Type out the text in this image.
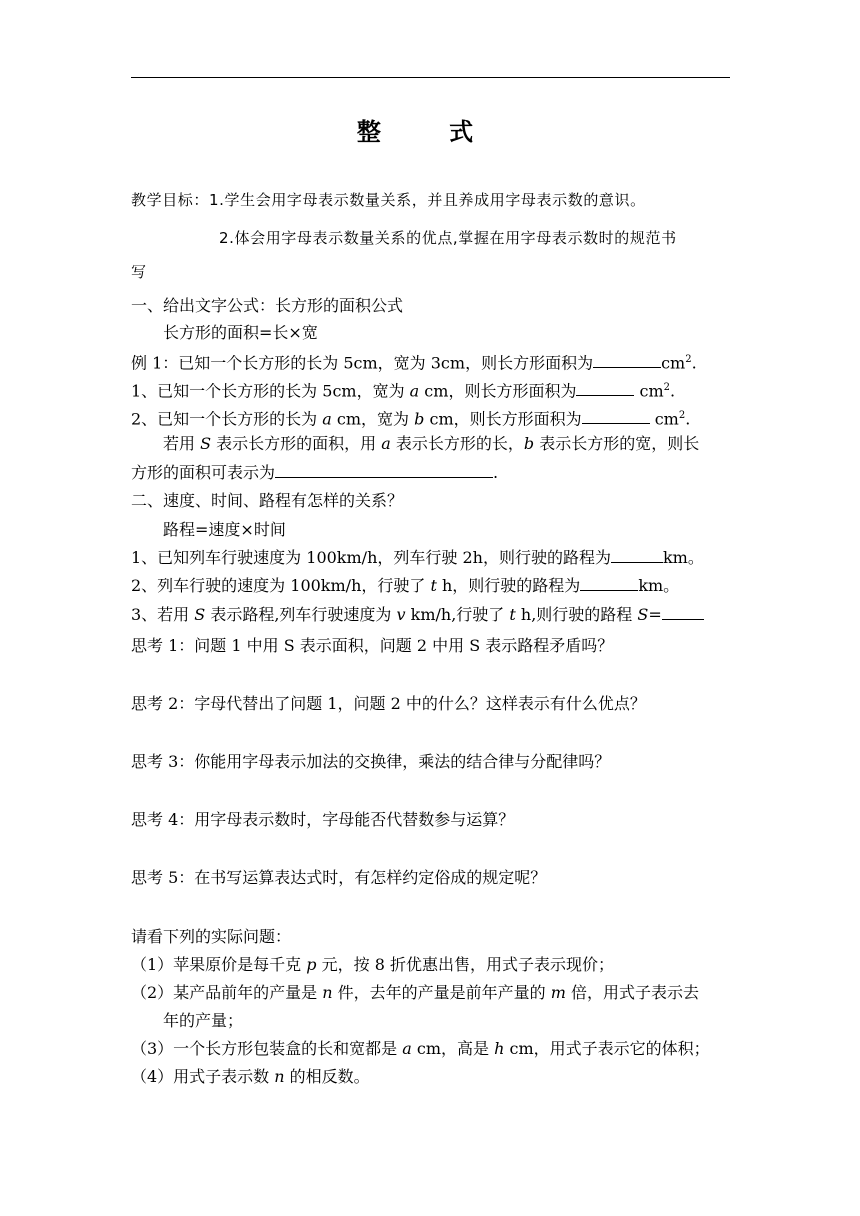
整 式
教学目标：1.学生会用字母表示数量关系，并且养成用字母表示数的意识。
2.体会用字母表示数量关系的优点,掌握在用字母表示数时的规范书
写
一、给出文字公式：长方形的面积公式
长方形的面积=长×宽
例 1：已知一个长方形的长为 5cm，宽为 3cm，则长方形面积为	$cm^2$.
1、已知一个长方形的长为 5cm，宽为 a cm，则长方形面积为	$cm^2$.
2、已知一个长方形的长为 a cm，宽为 b cm，则长方形面积为	$cm^2$.
若用 S 表示长方形的面积，用 a 表示长方形的长，b 表示长方形的宽，则长
方形的面积可表示为	.
二、速度、时间、路程有怎样的关系？
路程=速度×时间
1、已知列车行驶速度为 100km/h，列车行驶 2h，则行驶的路程为	km。
2、列车行驶的速度为 100km/h，行驶了 t h，则行驶的路程为	km。
3、若用 S 表示路程,列车行驶速度为 v km/h,行驶了 t h,则行驶的路程 S=
思考 1：问题 1 中用 S 表示面积，问题 2 中用 S 表示路程矛盾吗？
思考 2：字母代替出了问题 1，问题 2 中的什么？这样表示有什么优点？
思考 3：你能用字母表示加法的交换律，乘法的结合律与分配律吗？
思考 4：用字母表示数时，字母能否代替数参与运算？
思考 5：在书写运算表达式时，有怎样约定俗成的规定呢？
请看下列的实际问题：
（1）苹果原价是每千克 p 元，按 8 折优惠出售，用式子表示现价；
（2）某产品前年的产量是 n 件，去年的产量是前年产量的 m 倍，用式子表示去
年的产量；
（3）一个长方形包装盒的长和宽都是 a cm，高是 h cm，用式子表示它的体积；
（4）用式子表示数 n 的相反数。
